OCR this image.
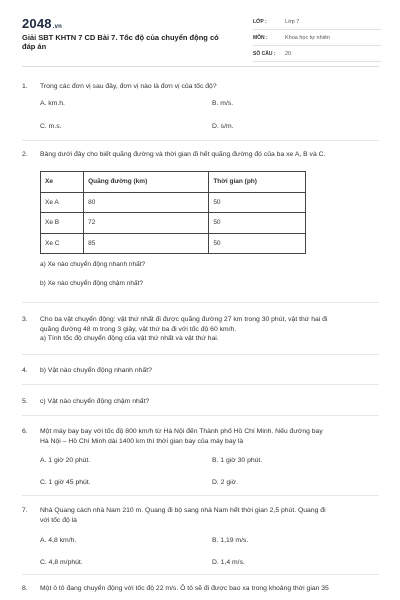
2048.vn
Giải SBT KHTN 7 CD Bài 7. Tốc độ của chuyển động có đáp án
LỚP :	Lớp 7
MÔN :	Khoa học tự nhiên
SỐ CÂU :	20
1.	Trong các đơn vị sau đây, đơn vị nào là đơn vị của tốc độ?
A. km.h.	B. m/s.
C. m.s.	D. s/m.
2.	Bảng dưới đây cho biết quãng đường và thời gian đi hết quãng đường đó của ba xe A, B và C.
Xe	Quãng đường (km)	Thời gian (ph)
Xe A	80	50
Xe B	72	50
Xe C	85	50
a) Xe nào chuyển động nhanh nhất?
b) Xe nào chuyển động chậm nhất?
3.	Cho ba vật chuyển động: vật thứ nhất đi được quãng đường 27 km trong 30 phút, vật thứ hai đi
quãng đường 48 m trong 3 giây, vật thứ ba đi với tốc độ 60 km/h.
a) Tính tốc độ chuyển động của vật thứ nhất và vật thứ hai.
4.	b) Vật nào chuyển động nhanh nhất?
5.	c) Vật nào chuyển động chậm nhất?
6.	Một máy bay bay với tốc độ 800 km/h từ Hà Nội đến Thành phố Hồ Chí Minh. Nếu đường bay
Hà Nội – Hồ Chí Minh dài 1400 km thì thời gian bay của máy bay là
A. 1 giờ 20 phút.	B. 1 giờ 30 phút.
C. 1 giờ 45 phút.	D. 2 giờ.
7.	Nhà Quang cách nhà Nam 210 m. Quang đi bộ sang nhà Nam hết thời gian 2,5 phút. Quang đi
với tốc độ là
A. 4,8 km/h.	B. 1,19 m/s.
C. 4,8 m/phút.	D. 1,4 m/s.
8.	Một ô tô đang chuyển động với tốc độ 22 m/s. Ô tô sẽ đi được bao xa trong khoảng thời gian 35
